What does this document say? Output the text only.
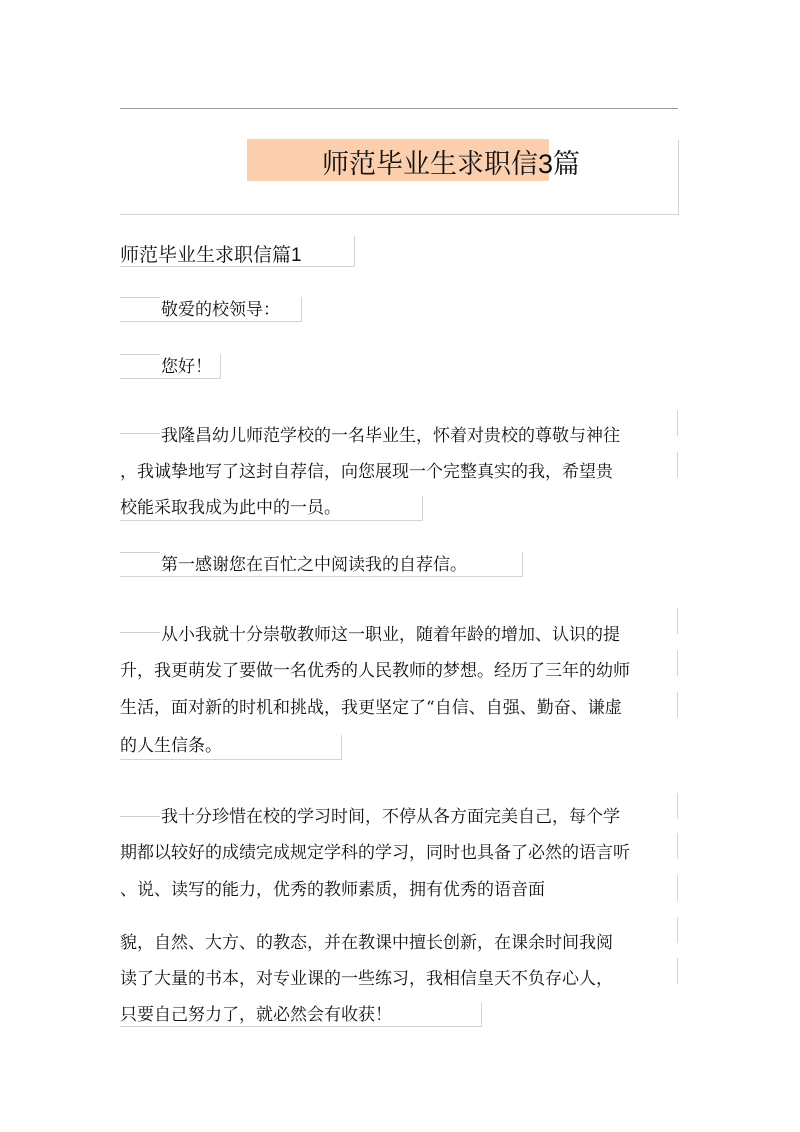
师范毕业生求职信3篇
师范毕业生求职信篇1
敬爱的校领导：
您好！
我隆昌幼儿师范学校的一名毕业生，怀着对贵校的尊敬与神往
，我诚挚地写了这封自荐信，向您展现一个完整真实的我，希望贵
校能采取我成为此中的一员。
第一感谢您在百忙之中阅读我的自荐信。
从小我就十分崇敬教师这一职业，随着年龄的增加、认识的提
升，我更萌发了要做一名优秀的人民教师的梦想。经历了三年的幼师
生活，面对新的时机和挑战，我更坚定了“自信、自强、勤奋、谦虚
的人生信条。
我十分珍惜在校的学习时间，不停从各方面完美自己，每个学
期都以较好的成绩完成规定学科的学习，同时也具备了必然的语言听
、说、读写的能力，优秀的教师素质，拥有优秀的语音面
貌，自然、大方、的教态，并在教课中擅长创新，在课余时间我阅
读了大量的书本，对专业课的一些练习，我相信皇天不负存心人，
只要自己努力了，就必然会有收获！
